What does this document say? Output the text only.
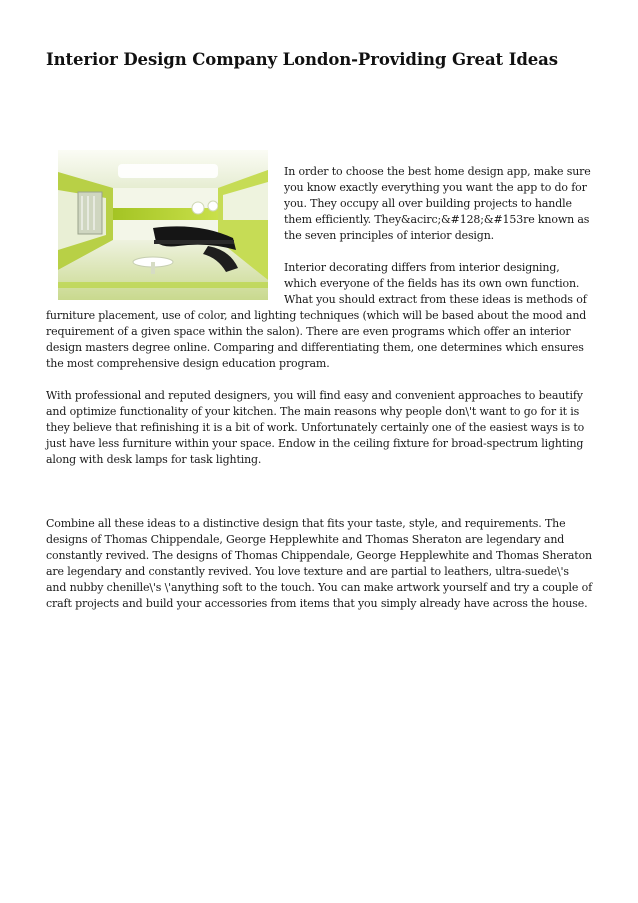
Interior Design Company London-Providing Great Ideas

In order to choose the best home design app, make sure you know exactly everything you want the app to do for you. They occupy all over building projects to handle them efficiently. They&acirc;&#128;&#153re known as the seven principles of interior design.

Interior decorating differs from interior designing, which everyone of the fields has its own own function. What you should extract from these ideas is methods of furniture placement, use of color, and lighting techniques (which will be based about the mood and requirement of a given space within the salon). There are even programs which offer an interior design masters degree online. Comparing and differentiating them, one determines which ensures the most comprehensive design education program.

With professional and reputed designers, you will find easy and convenient approaches to beautify and optimize functionality of your kitchen. The main reasons why people don\'t want to go for it is they believe that refinishing it is a bit of work. Unfortunately certainly one of the easiest ways is to just have less furniture within your space. Endow in the ceiling fixture for broad-spectrum lighting along with desk lamps for task lighting.

Combine all these ideas to a distinctive design that fits your taste, style, and requirements. The designs of Thomas Chippendale, George Hepplewhite and Thomas Sheraton are legendary and constantly revived. The designs of Thomas Chippendale, George Hepplewhite and Thomas Sheraton are legendary and constantly revived. You love texture and are partial to leathers, ultra-suede\'s and nubby chenille\'s \'anything soft to the touch. You can make artwork yourself and try a couple of craft projects and build your accessories from items that you simply already have across the house.
